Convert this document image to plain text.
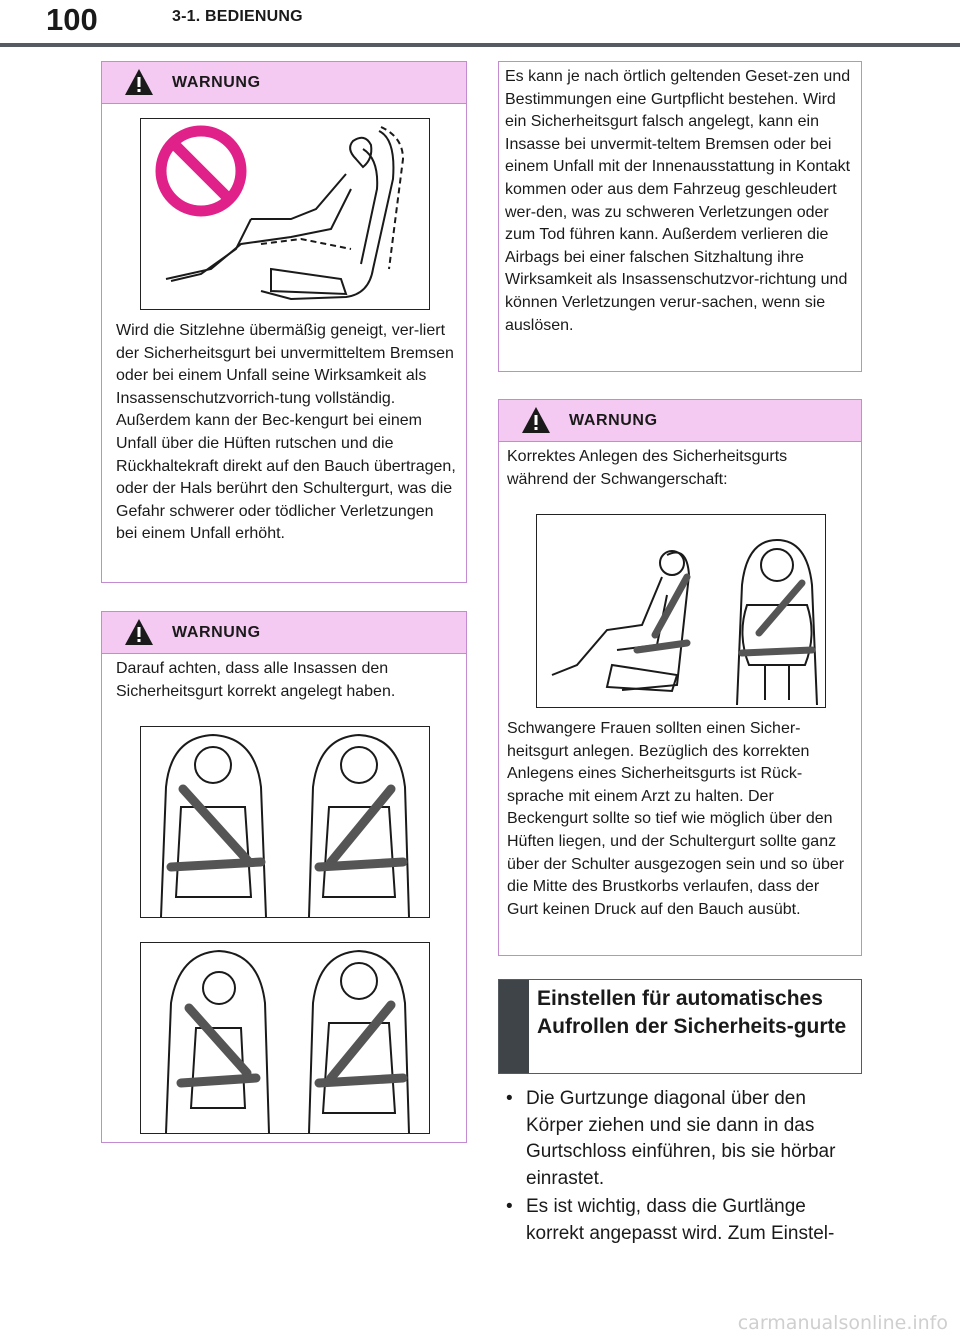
100	3-1. BEDIENUNG
WARNUNG
Wird die Sitzlehne übermäßig geneigt, ver-liert der Sicherheitsgurt bei unvermitteltem Bremsen oder bei einem Unfall seine Wirksamkeit als Insassenschutzvorrich-tung vollständig. Außerdem kann der Bec-kengurt bei einem Unfall über die Hüften rutschen und die Rückhaltekraft direkt auf den Bauch übertragen, oder der Hals berührt den Schultergurt, was die Gefahr schwerer oder tödlicher Verletzungen bei einem Unfall erhöht.
WARNUNG
Darauf achten, dass alle Insassen den Sicherheitsgurt korrekt angelegt haben.
Es kann je nach örtlich geltenden Geset-zen und Bestimmungen eine Gurtpflicht bestehen. Wird ein Sicherheitsgurt falsch angelegt, kann ein Insasse bei unvermit-teltem Bremsen oder bei einem Unfall mit der Innenausstattung in Kontakt kommen oder aus dem Fahrzeug geschleudert wer-den, was zu schweren Verletzungen oder zum Tod führen kann. Außerdem verlieren die Airbags bei einer falschen Sitzhaltung ihre Wirksamkeit als Insassenschutzvor-richtung und können Verletzungen verur-sachen, wenn sie auslösen.
WARNUNG
Korrektes Anlegen des Sicherheitsgurts während der Schwangerschaft:
Schwangere Frauen sollten einen Sicher-heitsgurt anlegen. Bezüglich des korrekten Anlegens eines Sicherheitsgurts ist Rück-sprache mit einem Arzt zu halten. Der Beckengurt sollte so tief wie möglich über den Hüften liegen, und der Schultergurt sollte ganz über der Schulter ausgezogen sein und so über die Mitte des Brustkorbs verlaufen, dass der Gurt keinen Druck auf den Bauch ausübt.
Einstellen für automatisches Aufrollen der Sicherheits-gurte
• Die Gurtzunge diagonal über den Körper ziehen und sie dann in das Gurtschloss einführen, bis sie hörbar einrastet.
• Es ist wichtig, dass die Gurtlänge korrekt angepasst wird. Zum Einstel-
carmanualsonline.info
